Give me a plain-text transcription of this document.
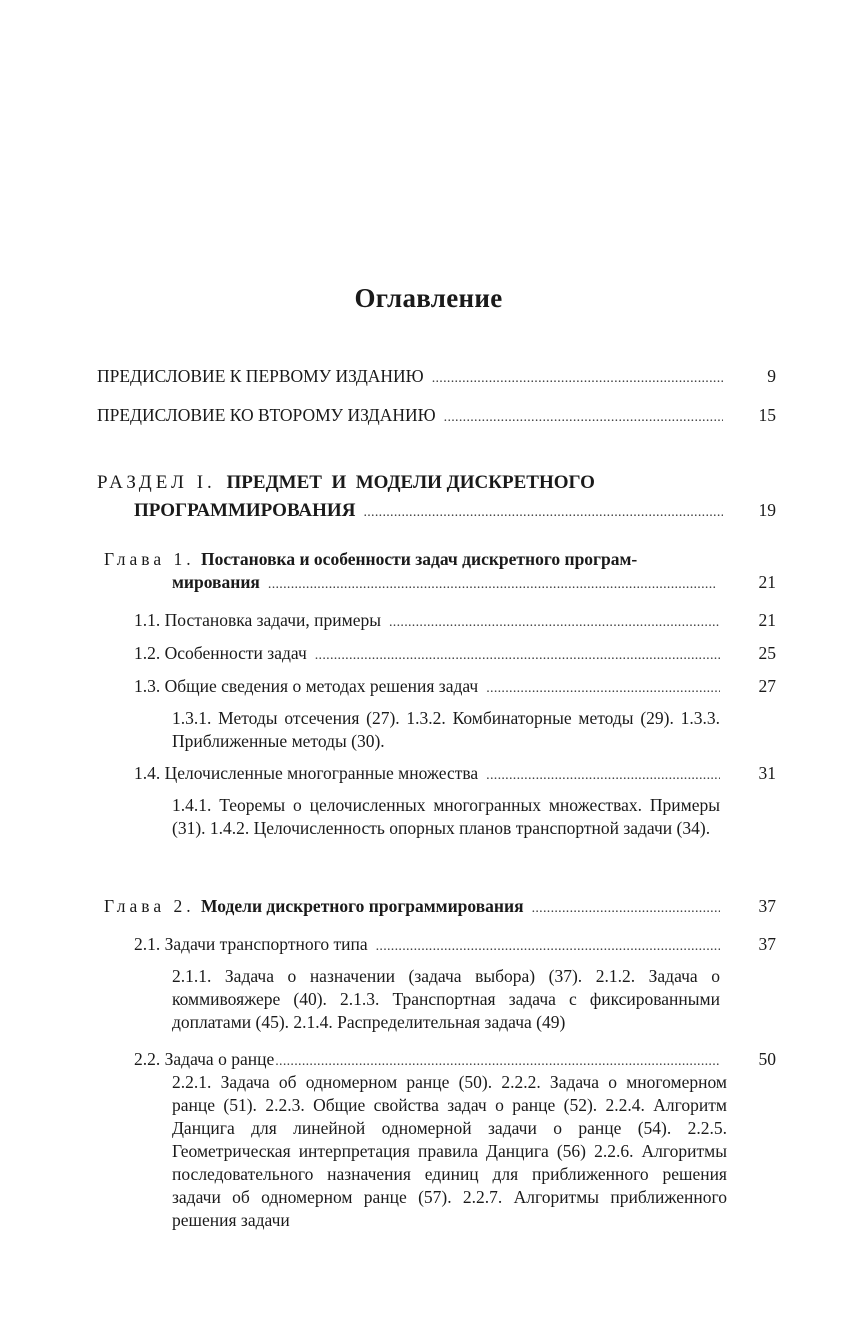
Оглавление
ПРЕДИСЛОВИЕ К ПЕРВОМУ ИЗДАНИЮ . . .	9
ПРЕДИСЛОВИЕ КО ВТОРОМУ ИЗДАНИЮ . . .	15
РАЗДЕЛ I. ПРЕДМЕТ  И  МОДЕЛИ ДИСКРЕТНОГО
ПРОГРАММИРОВАНИЯ . . .	19
Глава 1. Постановка и особенности задач дискретного програм-
мирования . . .	21
1.1. Постановка задачи, примеры . . .	21
1.2. Особенности задач . . .	25
1.3. Общие сведения о методах решения задач . . .	27
1.3.1. Методы отсечения (27). 1.3.2. Комбинаторные методы (29). 1.3.3. Приближенные методы (30).
1.4. Целочисленные многогранные множества . . .	31
1.4.1. Теоремы о целочисленных многогранных множествах. Примеры (31). 1.4.2. Целочисленность опорных планов транспортной задачи (34).
Глава 2. Модели дискретного программирования . . .	37
2.1. Задачи транспортного типа . . .	37
2.1.1. Задача о назначении (задача выбора) (37). 2.1.2. Задача о коммивояжере (40). 2.1.3. Транспортная задача с фиксированными доплатами (45). 2.1.4. Распределительная задача (49)
2.2. Задача о ранце . . .	50
2.2.1. Задача об одномерном ранце (50). 2.2.2. Задача о многомерном ранце (51). 2.2.3. Общие свойства задач о ранце (52). 2.2.4. Алгоритм Данцига для линейной одномерной задачи о ранце (54). 2.2.5. Геометрическая интерпретация правила Данцига (56) 2.2.6. Алгоритмы последовательного назначения единиц для приближенного решения задачи об одномерном ранце (57). 2.2.7. Алгоритмы приближенного решения задачи
